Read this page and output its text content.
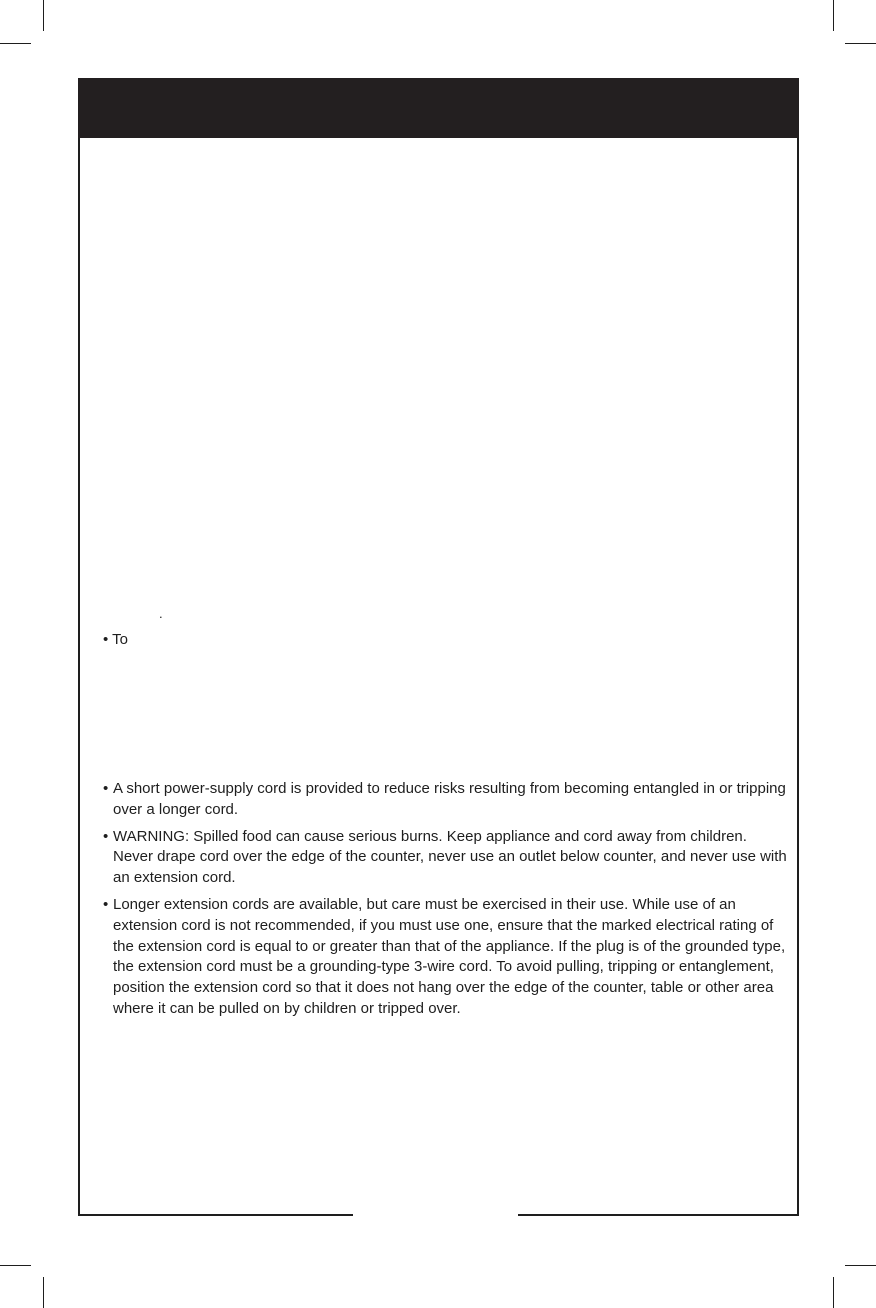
.
• To
• A short power-supply cord is provided to reduce risks resulting from becoming entangled in or tripping over a longer cord.
• WARNING: Spilled food can cause serious burns. Keep appliance and cord away from children. Never drape cord over the edge of the counter, never use an outlet below counter, and never use with an extension cord.
• Longer extension cords are available, but care must be exercised in their use. While use of an extension cord is not recommended, if you must use one, ensure that the marked electrical rating of the extension cord is equal to or greater than that of the appliance. If the plug is of the grounded type, the extension cord must be a grounding-type 3-wire cord. To avoid pulling, tripping or entanglement, position the extension cord so that it does not hang over the edge of the counter, table or other area where it can be pulled on by children or tripped over.
